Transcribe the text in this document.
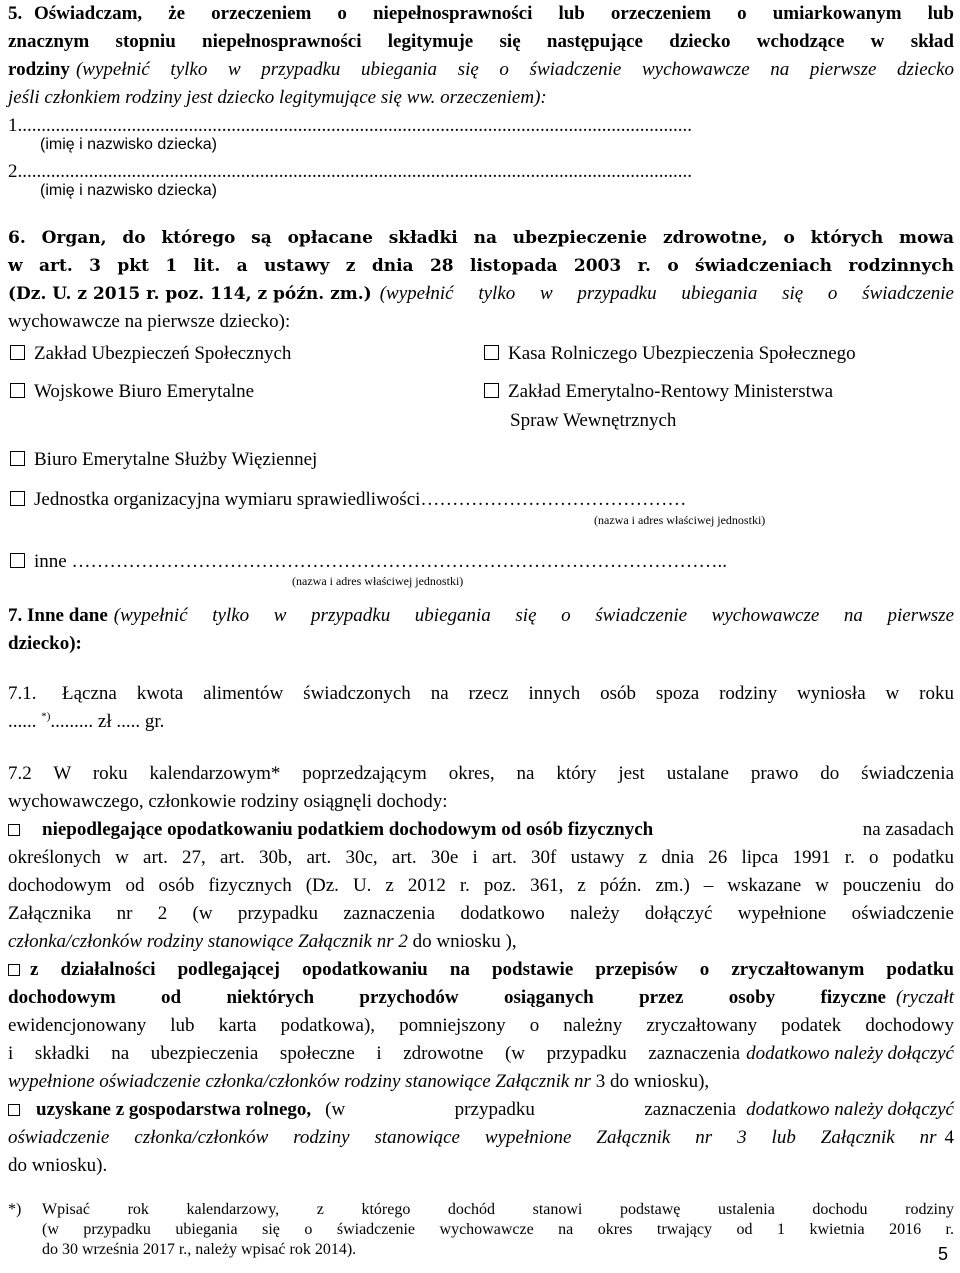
5. Oświadczam, że orzeczeniem o niepełnosprawności lub orzeczeniem o umiarkowanym lub
znacznym stopniu niepełnosprawności legitymuje się następujące dziecko wchodzące w skład
rodziny (wypełnić tylko w przypadku ubiegania się o świadczenie wychowawcze na pierwsze dziecko
jeśli członkiem rodziny jest dziecko legitymujące się ww. orzeczeniem):
1..............................................................................................................................................
(imię i nazwisko dziecka)
2..............................................................................................................................................
(imię i nazwisko dziecka)
6. Organ, do którego są opłacane składki na ubezpieczenie zdrowotne, o których mowa
w art. 3 pkt 1 lit. a ustawy z dnia 28 listopada 2003 r. o świadczeniach rodzinnych
(Dz. U. z 2015 r. poz. 114, z późn. zm.) (wypełnić tylko w przypadku ubiegania się o świadczenie
wychowawcze na pierwsze dziecko):
Zakład Ubezpieczeń Społecznych	Kasa Rolniczego Ubezpieczenia Społecznego
Wojskowe Biuro Emerytalne	Zakład Emerytalno-Rentowy Ministerstwa
Spraw Wewnętrznych
Biuro Emerytalne Służby Więziennej
Jednostka organizacyjna wymiaru sprawiedliwości……………………………………
(nazwa i adres właściwej jednostki)
inne …………………………………………………………………………………………..
(nazwa i adres właściwej jednostki)
7. Inne dane (wypełnić tylko w przypadku ubiegania się o świadczenie wychowawcze na pierwsze
dziecko):
7.1. Łączna kwota alimentów świadczonych na rzecz innych osób spoza rodziny wyniosła w roku
...... *)......... zł ..... gr.
7.2 W roku kalendarzowym* poprzedzającym okres, na który jest ustalane prawo do świadczenia
wychowawczego, członkowie rodziny osiągnęli dochody:
niepodlegające opodatkowaniu podatkiem dochodowym od osób fizycznych	na zasadach
określonych w art. 27, art. 30b, art. 30c, art. 30e i art. 30f ustawy z dnia 26 lipca 1991 r. o podatku
dochodowym od osób fizycznych (Dz. U. z 2012 r. poz. 361, z późn. zm.) – wskazane w pouczeniu do
Załącznika nr 2 (w przypadku zaznaczenia dodatkowo należy dołączyć wypełnione oświadczenie
członka/członków rodziny stanowiące Załącznik nr 2 do wniosku ),
z działalności podlegającej opodatkowaniu na podstawie przepisów o zryczałtowanym podatku
dochodowym od niektórych przychodów osiąganych przez osoby fizyczne (ryczałt
ewidencjonowany lub karta podatkowa), pomniejszony o należny zryczałtowany podatek dochodowy
i składki na ubezpieczenia społeczne i zdrowotne (w przypadku zaznaczenia dodatkowo należy dołączyć
wypełnione oświadczenie członka/członków rodziny stanowiące Załącznik nr 3 do wniosku),
uzyskane z gospodarstwa rolnego, (w przypadku zaznaczenia dodatkowo należy dołączyć
oświadczenie członka/członków rodziny stanowiące wypełnione Załącznik nr 3 lub Załącznik nr 4
do wniosku).
*) Wpisać rok kalendarzowy, z którego dochód stanowi podstawę ustalenia dochodu rodziny
(w przypadku ubiegania się o świadczenie wychowawcze na okres trwający od 1 kwietnia 2016 r.
do 30 września 2017 r., należy wpisać rok 2014).	5
